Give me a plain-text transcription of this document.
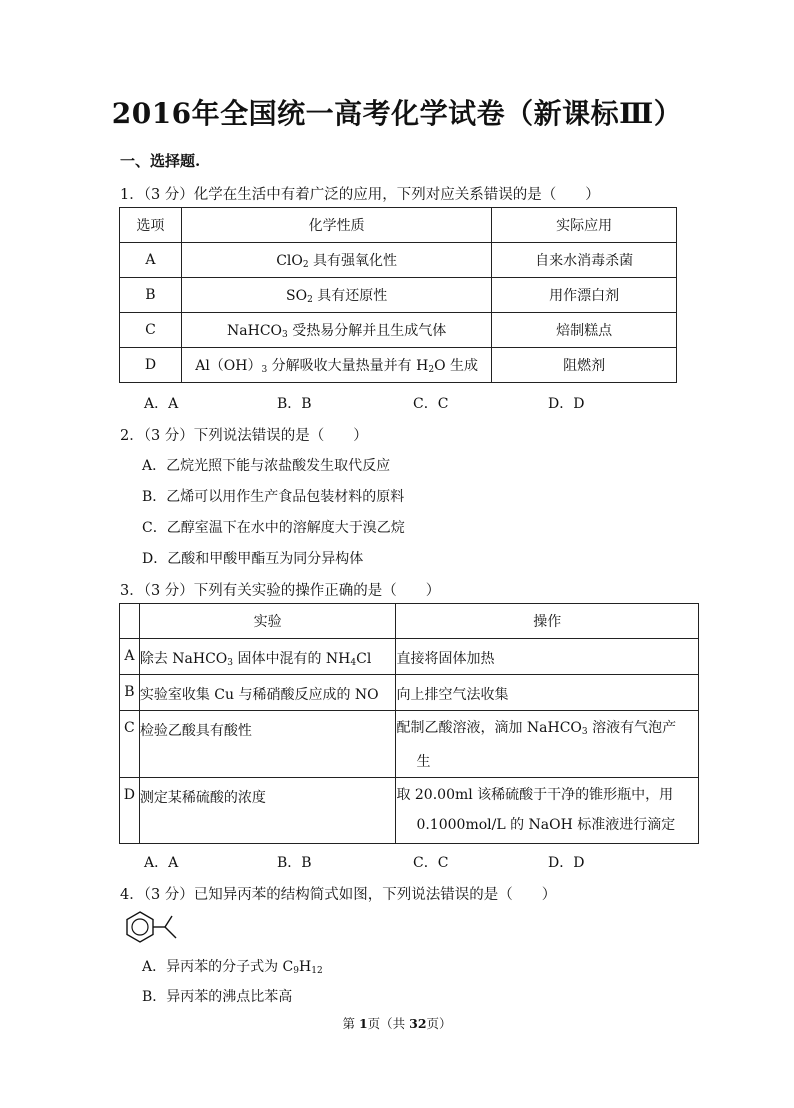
2016年全国统一高考化学试卷（新课标Ⅲ）
一、选择题.
1．（3 分）化学在生活中有着广泛的应用，下列对应关系错误的是（　　）
选项	化学性质	实际应用
A	ClO$_2$ 具有强氧化性	自来水消毒杀菌
B	$SO_2$ 具有还原性	用作漂白剂
C	NaHCO$_3$ 受热易分解并且生成气体	焙制糕点
D	$Al(OH)_3$ 分解吸收大量热量并有 $H_2O$ 生成	阻燃剂
A．A	B．B	C．C	D．D
2．（3 分）下列说法错误的是（　　）
A．乙烷光照下能与浓盐酸发生取代反应
B．乙烯可以用作生产食品包装材料的原料
C．乙醇室温下在水中的溶解度大于溴乙烷
D．乙酸和甲酸甲酯互为同分异构体
3．（3 分）下列有关实验的操作正确的是（　　）
	实验	操作
A	除去 NaHCO$_3$ 固体中混有的 $NH_4Cl$	直接将固体加热
B	实验室收集 Cu 与稀硝酸反应成的 NO	向上排空气法收集
C	检验乙酸具有酸性	配制乙酸溶液，滴加 NaHCO$_3$ 溶液有气泡产
生

D	测定某稀硫酸的浓度	取 20.00ml 该稀硫酸于干净的锥形瓶中，用
0.1000mol/L 的 NaOH 标准液进行滴定
A．A	B．B	C．C	D．D
4．（3 分）已知异丙苯的结构简式如图，下列说法错误的是（　　）
A．异丙苯的分子式为 $C_9H_{12}$
B．异丙苯的沸点比苯高
第 1页（共 32页）
